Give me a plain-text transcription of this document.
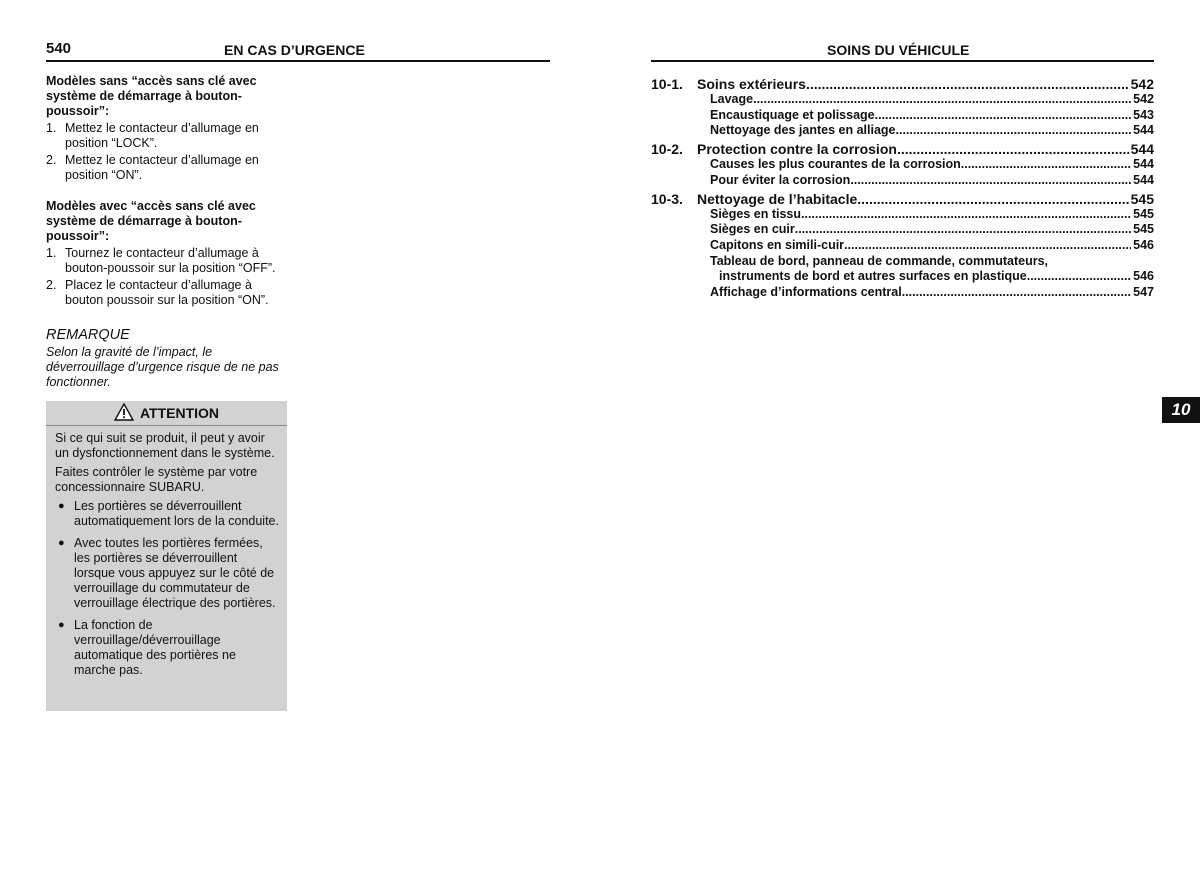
540	EN CAS D’URGENCE	SOINS DU VÉHICULE
Modèles sans “accès sans clé avec système de démarrage à bouton-poussoir”:
1. Mettez le contacteur d’allumage en position “LOCK”.
2. Mettez le contacteur d’allumage en position “ON”.
Modèles avec “accès sans clé avec système de démarrage à bouton-poussoir”:
1. Tournez le contacteur d’allumage à bouton-poussoir sur la position “OFF”.
2. Placez le contacteur d’allumage à bouton poussoir sur la position “ON”.
REMARQUE
Selon la gravité de l’impact, le déverrouillage d’urgence risque de ne pas fonctionner.
ATTENTION

Si ce qui suit se produit, il peut y avoir un dysfonctionnement dans le système.

Faites contrôler le système par votre concessionnaire SUBARU.

● Les portières se déverrouillent automatiquement lors de la conduite.
● Avec toutes les portières fermées, les portières se déverrouillent lorsque vous appuyez sur le côté de verrouillage du commutateur de verrouillage électrique des portières.
● La fonction de verrouillage/déverrouillage automatique des portières ne marche pas.
10-1.	Soins extérieurs .....	542
Lavage .....	542
Encaustiquage et polissage .....	543
Nettoyage des jantes en alliage .....	544
10-2.	Protection contre la corrosion .....	544
Causes les plus courantes de la corrosion .....	544
Pour éviter la corrosion .....	544
10-3.	Nettoyage de l’habitacle .....	545
Sièges en tissu .....	545
Sièges en cuir .....	545
Capitons en simili-cuir .....	546
Tableau de bord, panneau de commande, commutateurs,
instruments de bord et autres surfaces en plastique .....	546
Affichage d’informations central .....	547
10
